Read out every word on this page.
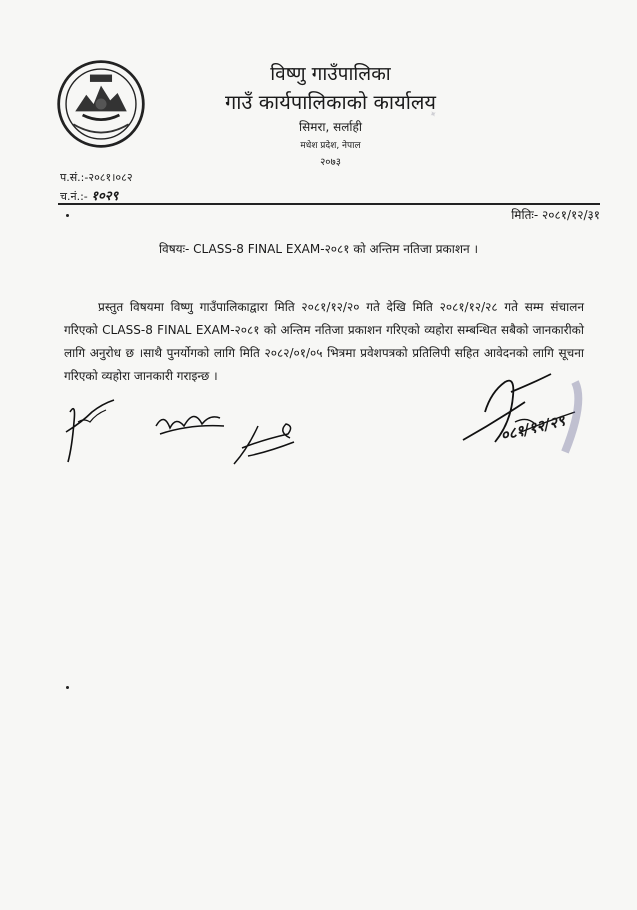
विष्णु गाउँपालिका
गाउँ कार्यपालिकाको कार्यालय
सिमरा, सर्लाही
मधेश प्रदेश, नेपाल
२०७३
✦
प.सं.:-२०८१।०८२
च.नं.:- १०२९
मितिः- २०८१/१२/३१
विषयः- CLASS-8 FINAL EXAM-२०८१ को अन्तिम नतिजा प्रकाशन ।
प्रस्तुत विषयमा विष्णु गाउँपालिकाद्वारा मिति २०८१/१२/२० गते देखि मिति २०८१/१२/२८ गते सम्म संचालन गरिएको CLASS-8 FINAL EXAM-२०८१ को अन्तिम नतिजा प्रकाशन गरिएको व्यहोरा सम्बन्धित सबैको जानकारीको लागि अनुरोध छ ।साथै पुनर्योगको लागि मिति २०८२/०१/०५ भित्रमा प्रवेशपत्रको प्रतिलिपी सहित आवेदनको लागि सूचना गरिएको व्यहोरा जानकारी गराइन्छ ।
०८१/१२/२९
